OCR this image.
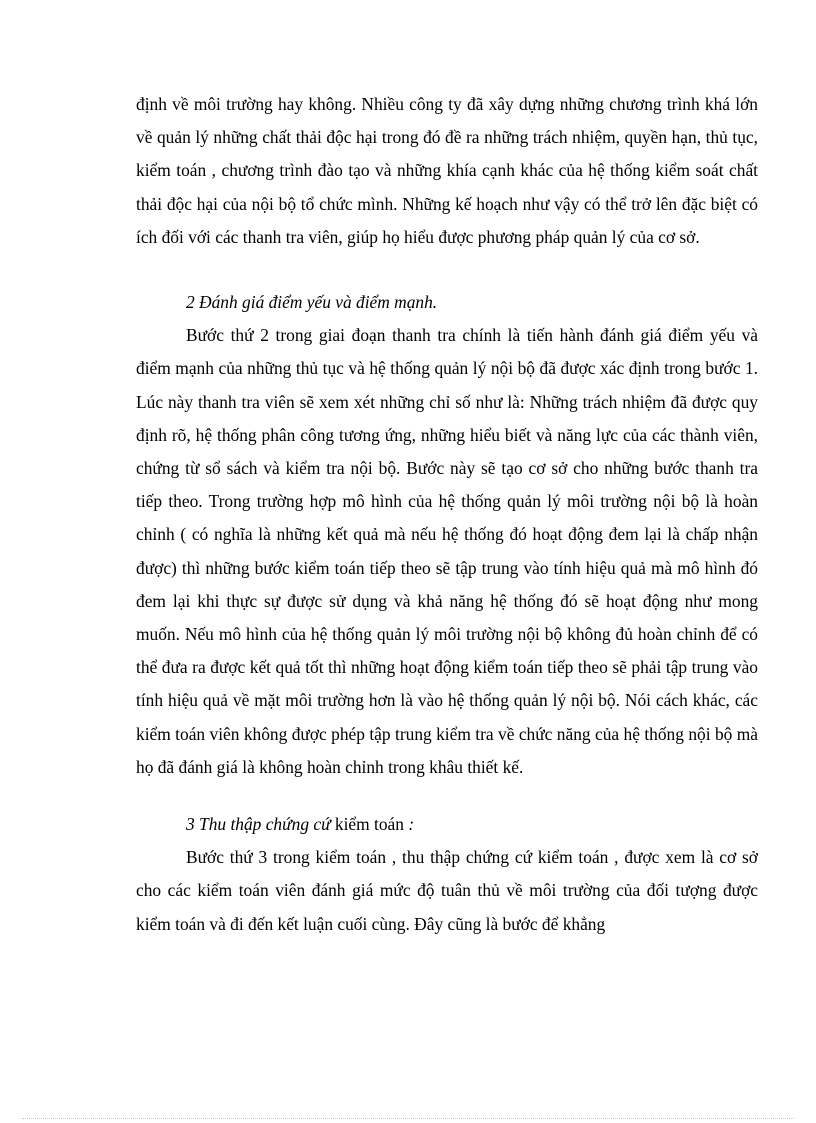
định về môi trường hay không. Nhiều công ty đã xây dựng những chương trình khá lớn về quản lý những chất thải độc hại trong đó đề ra những trách nhiệm, quyền hạn, thủ tục, kiểm toán , chương trình đào tạo và những khía cạnh khác của hệ thống kiểm soát chất thải độc hại của nội bộ tổ chức mình. Những kế hoạch như vậy có thể trở lên đặc biệt có ích đối với các thanh tra viên, giúp họ hiểu được phương pháp quản lý của cơ sở.

2 Đánh giá điểm yếu và điểm mạnh.

Bước thứ 2 trong giai đoạn thanh tra chính là tiến hành đánh giá điểm yếu và điểm mạnh của những thủ tục và hệ thống quản lý nội bộ đã được xác định trong bước 1. Lúc này thanh tra viên sẽ xem xét những chỉ số như là: Những trách nhiệm đã được quy định rõ, hệ thống phân công tương ứng, những hiểu biết và năng lực của các thành viên, chứng từ sổ sách và kiểm tra nội bộ. Bước này sẽ tạo cơ sở cho những bước thanh tra tiếp theo. Trong trường hợp mô hình của hệ thống quản lý môi trường nội bộ là hoàn chỉnh ( có nghĩa là những kết quả mà nếu hệ thống đó hoạt động đem lại là chấp nhận được) thì những bước kiểm toán tiếp theo sẽ tập trung vào tính hiệu quả mà mô hình đó đem lại khi thực sự được sử dụng và khả năng hệ thống đó sẽ hoạt động như mong muốn. Nếu mô hình của hệ thống quản lý môi trường nội bộ không đủ hoàn chỉnh để có thể đưa ra được kết quả tốt thì những hoạt động kiểm toán tiếp theo sẽ phải tập trung vào tính hiệu quả về mặt môi trường hơn là vào hệ thống quản lý nội bộ. Nói cách khác, các kiểm toán viên không được phép tập trung kiểm tra về chức năng của hệ thống nội bộ mà họ đã đánh giá là không hoàn chỉnh trong khâu thiết kế.

3 Thu thập chứng cứ kiểm toán :

Bước thứ 3 trong kiểm toán , thu thập chứng cứ kiểm toán , được xem là cơ sở cho các kiểm toán viên đánh giá mức độ tuân thủ về môi trường của đối tượng được kiểm toán và đi đến kết luận cuối cùng. Đây cũng là bước để khẳng
